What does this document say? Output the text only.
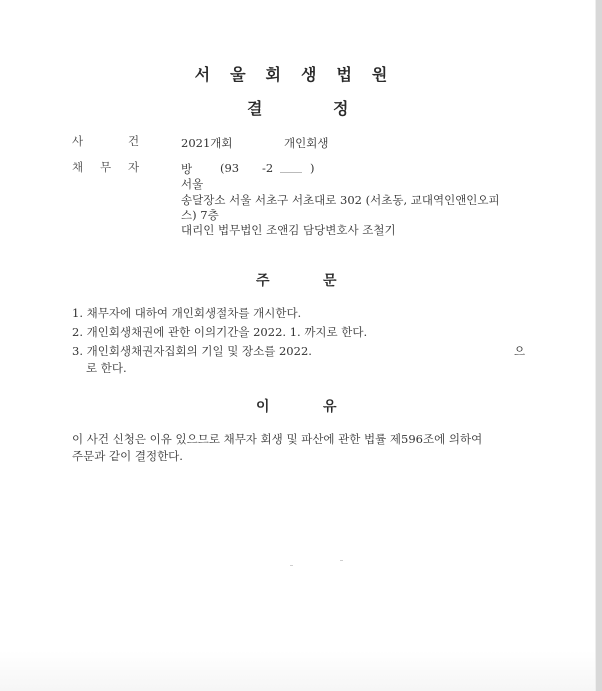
서울회생법원
결	정
사	건	2021개회	개인회생
채 무 자	방 (93 -2	)
서울
송달장소 서울 서초구 서초대로 302 (서초동, 교대역인앤인오피
스) 7층
대리인 법무법인 조앤김 담당변호사 조철기
주	문
1. 채무자에 대하여 개인회생절차를 개시한다.
2. 개인회생채권에 관한 이의기간을 2022. 1. 까지로 한다.
3. 개인회생채권자집회의 기일 및 장소를 2022.	으
로 한다.
이	유
이 사건 신청은 이유 있으므로 채무자 회생 및 파산에 관한 법률 제596조에 의하여
주문과 같이 결정한다.
